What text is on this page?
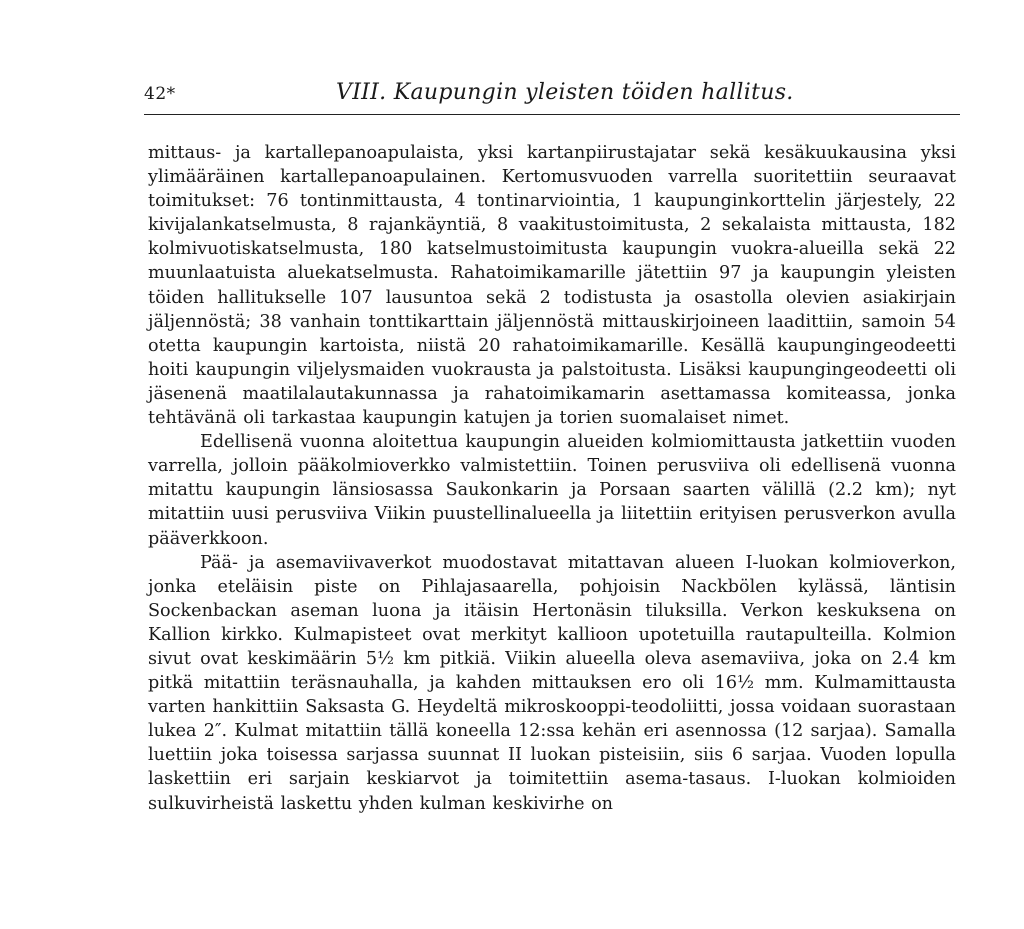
42*	VIII. Kaupungin yleisten töiden hallitus.

mittaus- ja kartallepanoapulaista, yksi kartanpiirustajatar sekä kesäkuukausina yksi ylimääräinen kartallepanoapulainen. Kertomusvuoden varrella suoritettiin seuraavat toimitukset: 76 tontinmittausta, 4 tontinarviointia, 1 kaupunginkorttelin järjestely, 22 kivijalankatselmusta, 8 rajankäyntiä, 8 vaakitustoimitusta, 2 sekalaista mittausta, 182 kolmivuotiskatselmusta, 180 katselmustoimitusta kaupungin vuokra-alueilla sekä 22 muunlaatuista aluekatselmusta. Rahatoimikamarille jätettiin 97 ja kaupungin yleisten töiden hallitukselle 107 lausuntoa sekä 2 todistusta ja osastolla olevien asiakirjain jäljennöstä; 38 vanhain tonttikarttain jäljennöstä mittauskirjoineen laadittiin, samoin 54 otetta kaupungin kartoista, niistä 20 rahatoimikamarille. Kesällä kaupungingeodeetti hoiti kaupungin viljelysmaiden vuokrausta ja palstoitusta. Lisäksi kaupungingeodeetti oli jäsenenä maatilalautakunnassa ja rahatoimikamarin asettamassa komiteassa, jonka tehtävänä oli tarkastaa kaupungin katujen ja torien suomalaiset nimet.

Edellisenä vuonna aloitettua kaupungin alueiden kolmiomittausta jatkettiin vuoden varrella, jolloin pääkolmioverkko valmistettiin. Toinen perusviiva oli edellisenä vuonna mitattu kaupungin länsiosassa Saukonkarin ja Porsaan saarten välillä (2.2 km); nyt mitattiin uusi perusviiva Viikin puustellinalueella ja liitettiin erityisen perusverkon avulla pääverkkoon.

Pää- ja asemaviivaverkot muodostavat mitattavan alueen I-luokan kolmioverkon, jonka eteläisin piste on Pihlajasaarella, pohjoisin Nackbölen kylässä, läntisin Sockenbackan aseman luona ja itäisin Hertonäsin tiluksilla. Verkon keskuksena on Kallion kirkko. Kulmapisteet ovat merkityt kallioon upotetuilla rautapulteilla. Kolmion sivut ovat keskimäärin 5½ km pitkiä. Viikin alueella oleva asemaviiva, joka on 2.4 km pitkä mitattiin teräsnauhalla, ja kahden mittauksen ero oli 16½ mm. Kulmamittausta varten hankittiin Saksasta G. Heydeltä mikroskooppi-teodoliitti, jossa voidaan suorastaan lukea 2″. Kulmat mitattiin tällä koneella 12:ssa kehän eri asennossa (12 sarjaa). Samalla luettiin joka toisessa sarjassa suunnat II luokan pisteisiin, siis 6 sarjaa. Vuoden lopulla laskettiin eri sarjain keskiarvot ja toimitettiin asema-tasaus. I-luokan kolmioiden sulkuvirheistä laskettu yhden kulman keskivirhe on
